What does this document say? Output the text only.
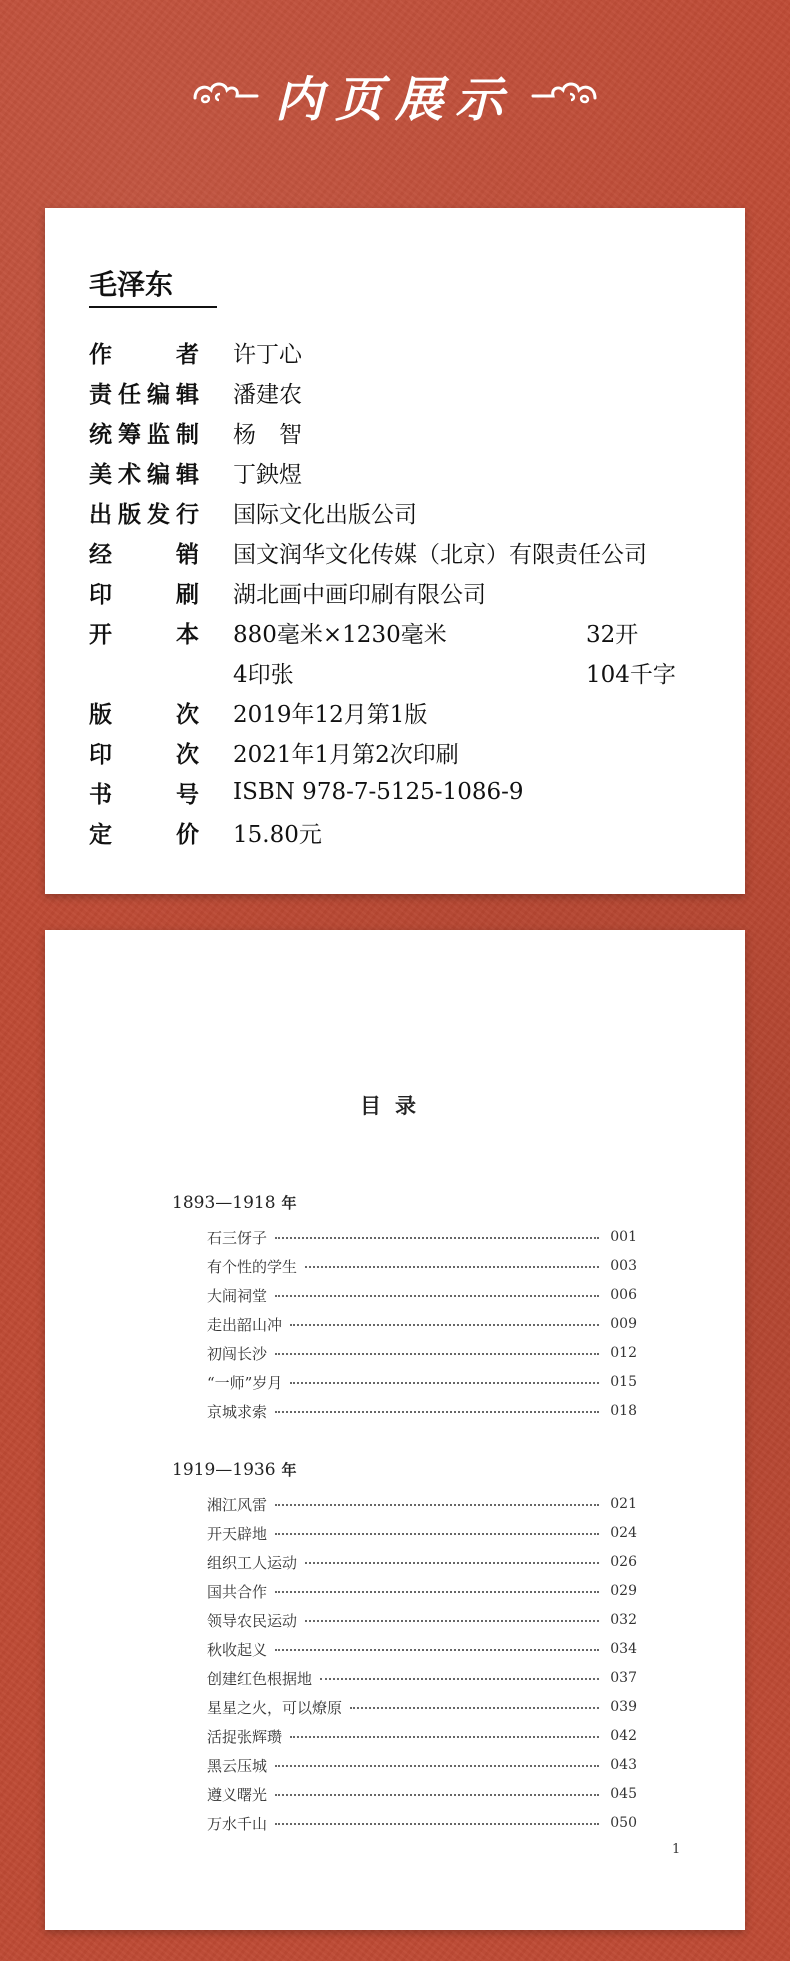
内页展示
毛泽东
作	者 许丁心
责 任 编 辑 潘建农
统 筹 监 制 杨　智
美 术 编 辑 丁鉠煜
出 版 发 行 国际文化出版公司
经	销 国文润华文化传媒（北京）有限责任公司
印	刷 湖北画中画印刷有限公司
开	本 880毫米×1230毫米	32开
4印张	104千字
版	次 2019年12月第1版
印	次 2021年1月第2次印刷
书	号 ISBN 978-7-5125-1086-9
定	价 15.80元
目录
1893—1918 年
石三伢子	001
有个性的学生	003
大闹祠堂	006
走出韶山冲	009
初闯长沙	012
“一师”岁月	015
京城求索	018
1919—1936 年
湘江风雷	021
开天辟地	024
组织工人运动	026
国共合作	029
领导农民运动	032
秋收起义	034
创建红色根据地	037
星星之火，可以燎原	039
活捉张辉瓒	042
黑云压城	043
遵义曙光	045
万水千山	050
1
